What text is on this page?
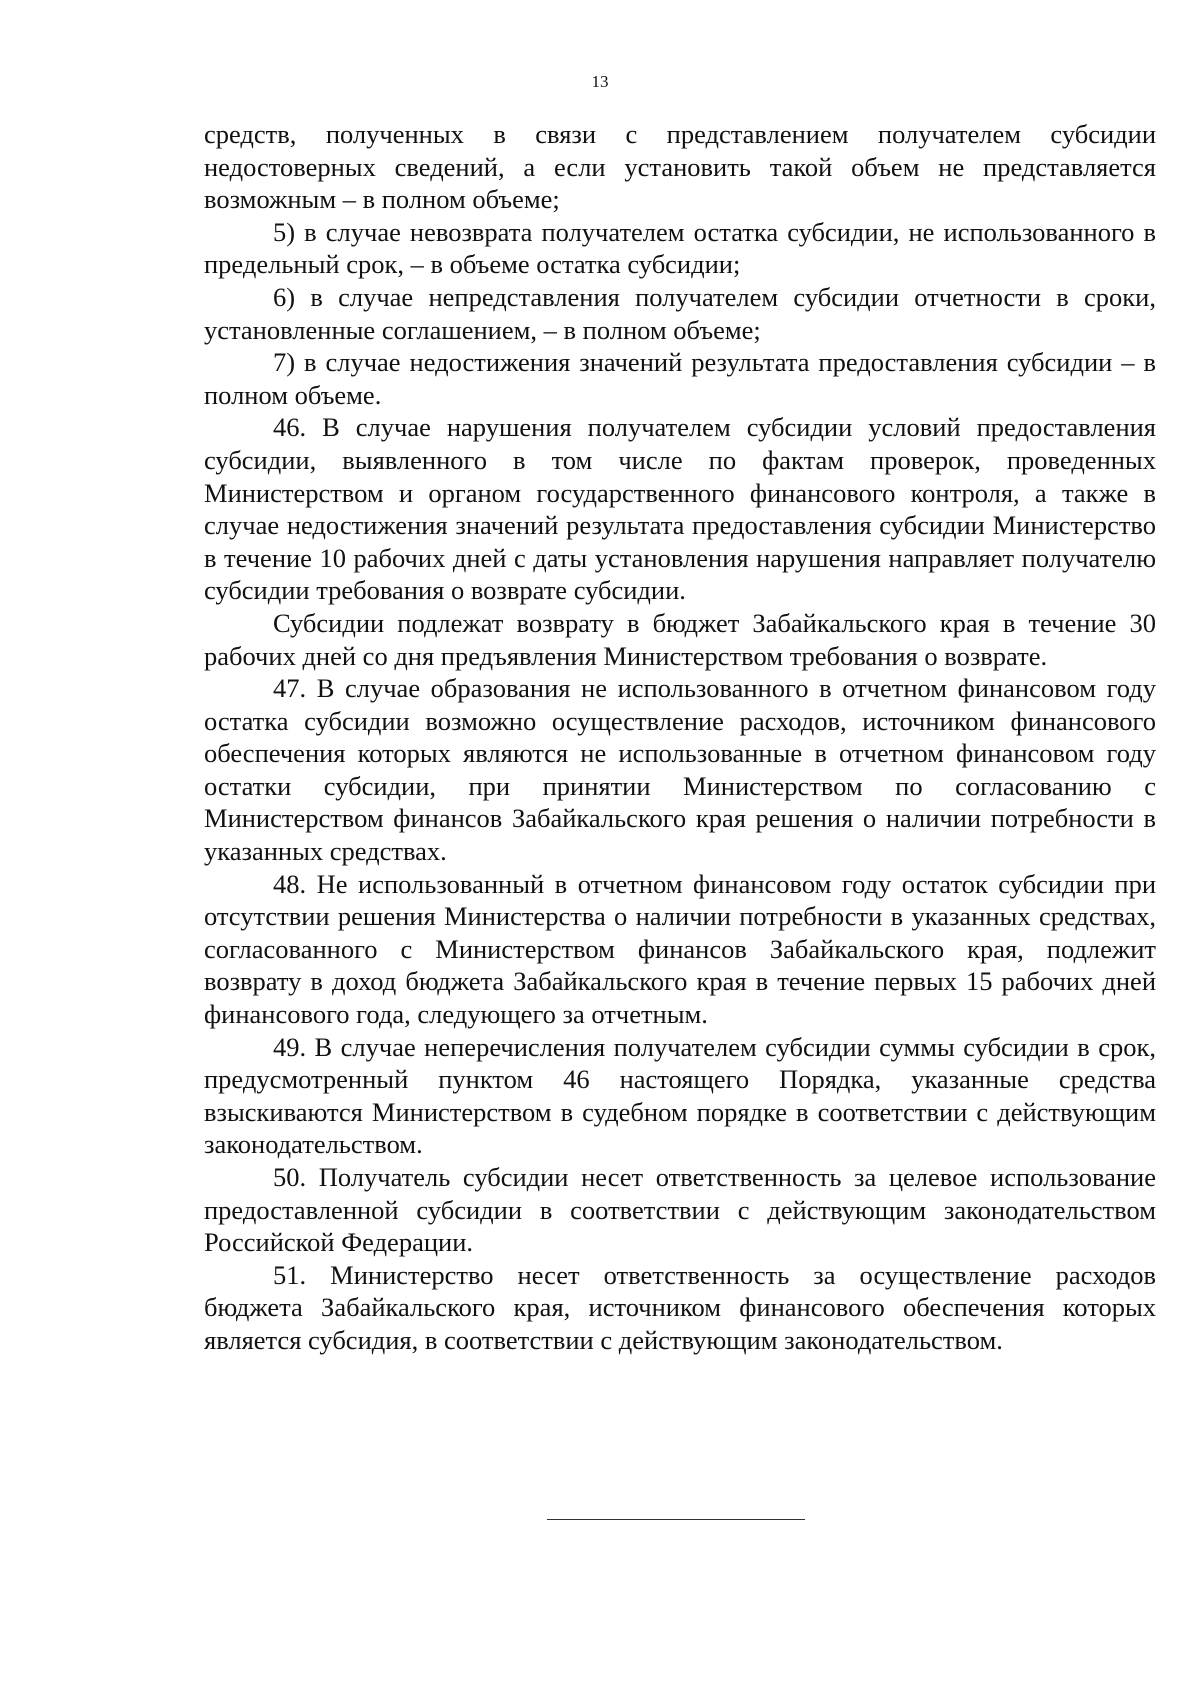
13

средств, полученных в связи с представлением получателем субсидии недостоверных сведений, а если установить такой объем не представляется возможным – в полном объеме;

5) в случае невозврата получателем остатка субсидии, не использованного в предельный срок, – в объеме остатка субсидии;

6) в случае непредставления получателем субсидии отчетности в сроки, установленные соглашением, – в полном объеме;

7) в случае недостижения значений результата предоставления субсидии – в полном объеме.

46. В случае нарушения получателем субсидии условий предоставления субсидии, выявленного в том числе по фактам проверок, проведенных Министерством и органом государственного финансового контроля, а также в случае недостижения значений результата предоставления субсидии Министерство в течение 10 рабочих дней с даты установления нарушения направляет получателю субсидии требования о возврате субсидии.

Субсидии подлежат возврату в бюджет Забайкальского края в течение 30 рабочих дней со дня предъявления Министерством требования о возврате.

47. В случае образования не использованного в отчетном финансовом году остатка субсидии возможно осуществление расходов, источником финансового обеспечения которых являются не использованные в отчетном финансовом году остатки субсидии, при принятии Министерством по согласованию с Министерством финансов Забайкальского края решения о наличии потребности в указанных средствах.

48. Не использованный в отчетном финансовом году остаток субсидии при отсутствии решения Министерства о наличии потребности в указанных средствах, согласованного с Министерством финансов Забайкальского края, подлежит возврату в доход бюджета Забайкальского края в течение первых 15 рабочих дней финансового года, следующего за отчетным.

49. В случае неперечисления получателем субсидии суммы субсидии в срок, предусмотренный пунктом 46 настоящего Порядка, указанные средства взыскиваются Министерством в судебном порядке в соответствии с действующим законодательством.

50. Получатель субсидии несет ответственность за целевое использование предоставленной субсидии в соответствии с действующим законодательством Российской Федерации.

51. Министерство несет ответственность за осуществление расходов бюджета Забайкальского края, источником финансового обеспечения которых является субсидия, в соответствии с действующим законодательством.
